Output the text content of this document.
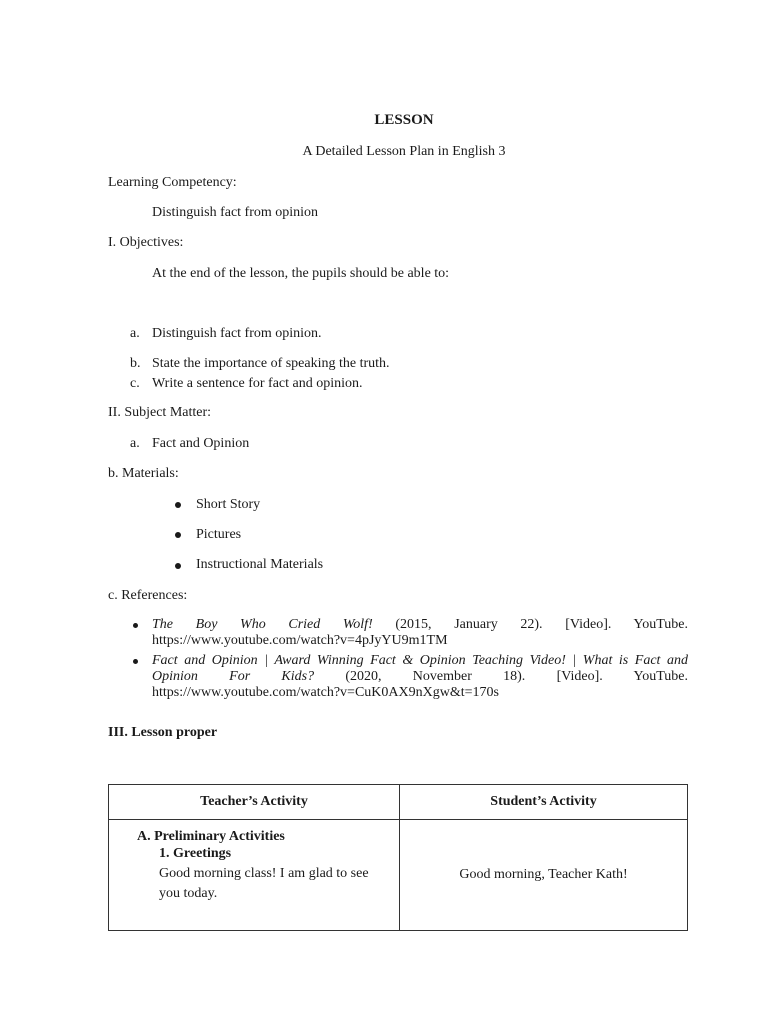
LESSON
A Detailed Lesson Plan in English 3
Learning Competency:
Distinguish fact from opinion
I. Objectives:
At the end of the lesson, the pupils should be able to:
a. Distinguish fact from opinion.
b. State the importance of speaking the truth.
c. Write a sentence for fact and opinion.
II. Subject Matter:
a. Fact and Opinion
b. Materials:
Short Story
Pictures
Instructional Materials
c. References:
The Boy Who Cried Wolf! (2015, January 22). [Video]. YouTube.
https://www.youtube.com/watch?v=4pJyYU9m1TM
Fact and Opinion | Award Winning Fact & Opinion Teaching Video! | What is Fact and
Opinion For Kids? (2020, November 18). [Video]. YouTube.
https://www.youtube.com/watch?v=CuK0AX9nXgw&t=170s
III. Lesson proper
Teacher’s Activity	Student’s Activity

A. Preliminary Activities
1. Greetings
Good morning class! I am glad to see you today.	Good morning, Teacher Kath!
